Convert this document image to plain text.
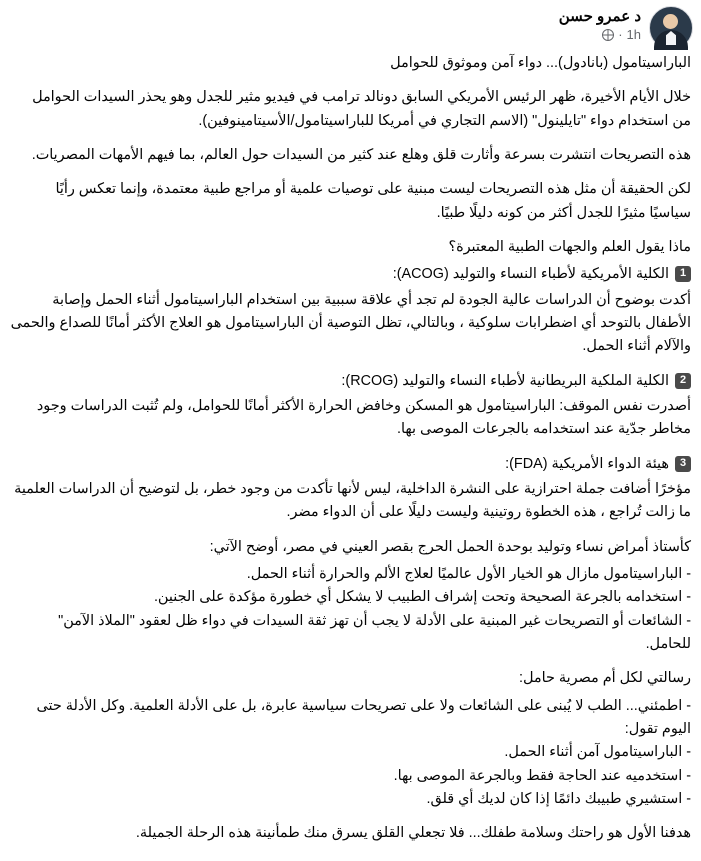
د عمرو حسن
1h
·

الباراسيتامول (بانادول)... دواء آمن وموثوق للحوامل

خلال الأيام الأخيرة، ظهر الرئيس الأمريكي السابق دونالد ترامب في فيديو مثير للجدل وهو يحذر السيدات الحوامل من استخدام دواء "تايلينول" (الاسم التجاري في أمريكا للباراسيتامول/الأسيتامينوفين).

هذه التصريحات انتشرت بسرعة وأثارت قلق وهلع عند كثير من السيدات حول العالم، بما فيهم الأمهات المصريات.

لكن الحقيقة أن مثل هذه التصريحات ليست مبنية على توصيات علمية أو مراجع طبية معتمدة، وإنما تعكس رأيًا سياسيًا مثيرًا للجدل أكثر من كونه دليلًا طبيًا.

ماذا يقول العلم والجهات الطبية المعتبرة؟

1
الكلية الأمريكية لأطباء النساء والتوليد (ACOG):

أكدت بوضوح أن الدراسات عالية الجودة لم تجد أي علاقة سببية بين استخدام الباراسيتامول أثناء الحمل وإصابة الأطفال بالتوحد أي اضطرابات سلوكية ، وبالتالي، تظل التوصية أن الباراسيتامول هو العلاج الأكثر أمانًا للصداع والحمى والآلام أثناء الحمل.

2
الكلية الملكية البريطانية لأطباء النساء والتوليد (RCOG):

أصدرت نفس الموقف: الباراسيتامول هو المسكن وخافض الحرارة الأكثر أمانًا للحوامل، ولم تُثبت الدراسات وجود مخاطر جدّية عند استخدامه بالجرعات الموصى بها.

3
هيئة الدواء الأمريكية (FDA):

مؤخرًا أضافت جملة احترازية على النشرة الداخلية، ليس لأنها تأكدت من وجود خطر، بل لتوضيح أن الدراسات العلمية ما زالت تُراجع ، هذه الخطوة روتينية وليست دليلًا على أن الدواء مضر.

كأستاذ أمراض نساء وتوليد بوحدة الحمل الحرج بقصر العيني في مصر، أوضح الآتي:

- الباراسيتامول مازال هو الخيار الأول عالميًا لعلاج الألم والحرارة أثناء الحمل.

- استخدامه بالجرعة الصحيحة وتحت إشراف الطبيب لا يشكل أي خطورة مؤكدة على الجنين.

- الشائعات أو التصريحات غير المبنية على الأدلة لا يجب أن تهز ثقة السيدات في دواء ظل لعقود "الملاذ الآمن" للحامل.

رسالتي لكل أم مصرية حامل:

- اطمئني... الطب لا يُبنى على الشائعات ولا على تصريحات سياسية عابرة، بل على الأدلة العلمية. وكل الأدلة حتى اليوم تقول:

- الباراسيتامول آمن أثناء الحمل.

- استخدميه عند الحاجة فقط وبالجرعة الموصى بها.

- استشيري طبيبك دائمًا إذا كان لديك أي قلق.

هدفنا الأول هو راحتك وسلامة طفلك... فلا تجعلي القلق يسرق منك طمأنينة هذه الرحلة الجميلة.
